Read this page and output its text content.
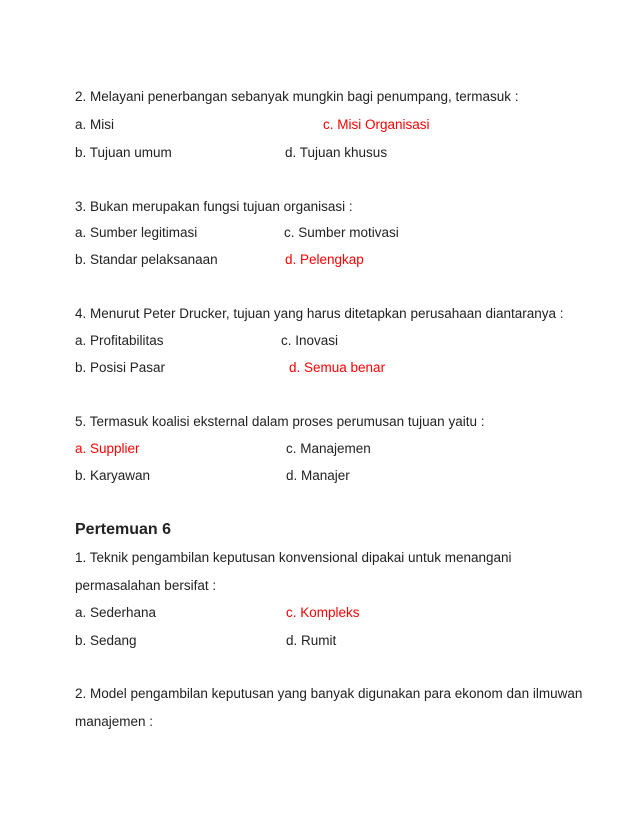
2. Melayani penerbangan sebanyak mungkin bagi penumpang, termasuk :
a. Misi	c. Misi Organisasi
b. Tujuan umum	d. Tujuan khusus
3. Bukan merupakan fungsi tujuan organisasi :
a. Sumber legitimasi	c. Sumber motivasi
b. Standar pelaksanaan	d. Pelengkap
4. Menurut Peter Drucker, tujuan yang harus ditetapkan perusahaan diantaranya :
a. Profitabilitas	c. Inovasi
b. Posisi Pasar	d. Semua benar
5. Termasuk koalisi eksternal dalam proses perumusan tujuan yaitu :
a. Supplier	c. Manajemen
b. Karyawan	d. Manajer
Pertemuan 6
1. Teknik pengambilan keputusan konvensional dipakai untuk menangani
permasalahan bersifat :
a. Sederhana	c. Kompleks
b. Sedang	d. Rumit
2. Model pengambilan keputusan yang banyak digunakan para ekonom dan ilmuwan
manajemen :
